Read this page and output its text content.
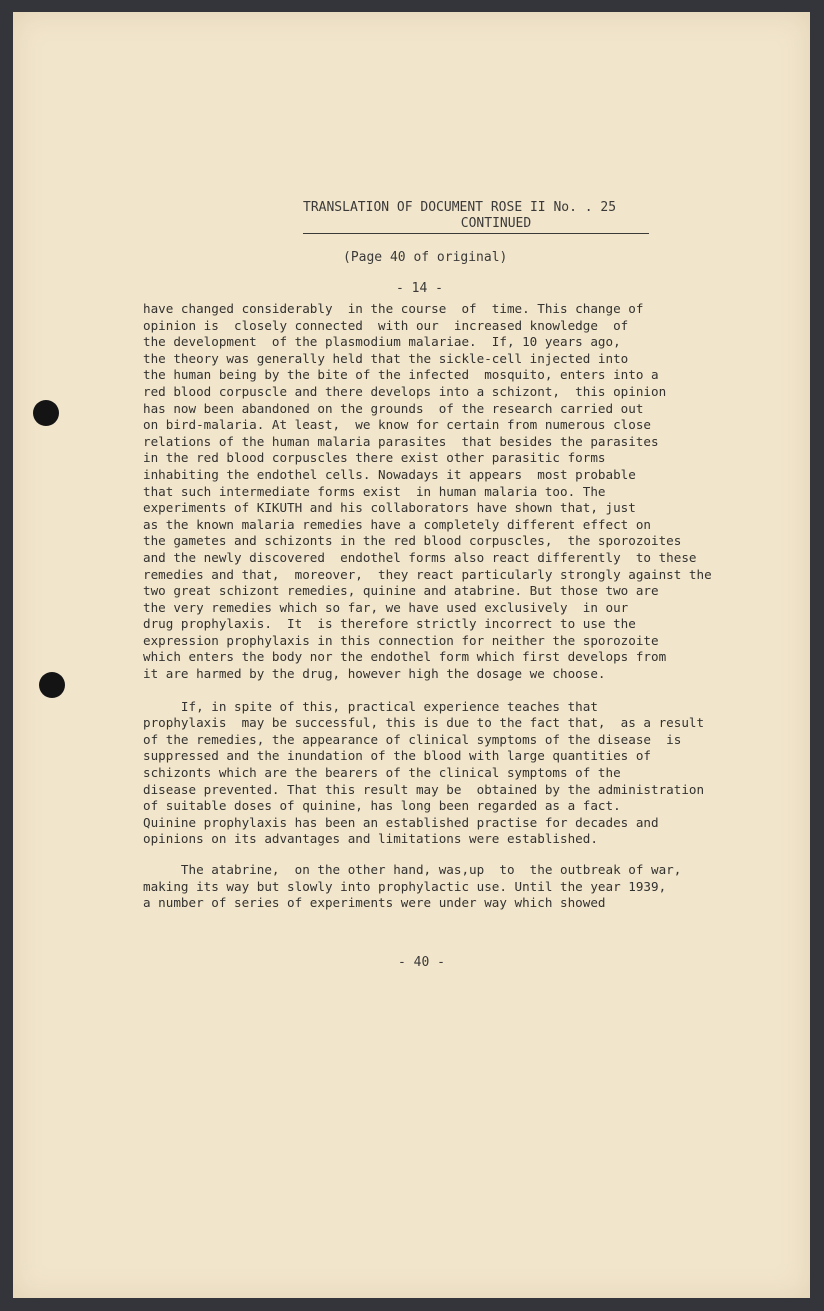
TRANSLATION OF DOCUMENT ROSE II No. . 25
CONTINUED
(Page 40 of original)
- 14 -

have changed considerably  in the course  of  time. This change of
opinion is  closely connected  with our  increased knowledge  of
the development  of the plasmodium malariae.  If, 10 years ago,
the theory was generally held that the sickle-cell injected into
the human being by the bite of the infected  mosquito, enters into a
red blood corpuscle and there develops into a schizont,  this opinion
has now been abandoned on the grounds  of the research carried out
on bird-malaria. At least,  we know for certain from numerous close
relations of the human malaria parasites  that besides the parasites
in the red blood corpuscles there exist other parasitic forms
inhabiting the endothel cells. Nowadays it appears  most probable
that such intermediate forms exist  in human malaria too. The
experiments of KIKUTH and his collaborators have shown that, just
as the known malaria remedies have a completely different effect on
the gametes and schizonts in the red blood corpuscles,  the sporozoites
and the newly discovered  endothel forms also react differently  to these
remedies and that,  moreover,  they react particularly strongly against the
two great schizont remedies, quinine and atabrine. But those two are
the very remedies which so far, we have used exclusively  in our
drug prophylaxis.  It  is therefore strictly incorrect to use the
expression prophylaxis in this connection for neither the sporozoite
which enters the body nor the endothel form which first develops from
it are harmed by the drug, however high the dosage we choose.

If, in spite of this, practical experience teaches that
prophylaxis  may be successful, this is due to the fact that,  as a result
of the remedies, the appearance of clinical symptoms of the disease  is
suppressed and the inundation of the blood with large quantities of
schizonts which are the bearers of the clinical symptoms of the
disease prevented. That this result may be  obtained by the administration
of suitable doses of quinine, has long been regarded as a fact.
Quinine prophylaxis has been an established practise for decades and
opinions on its advantages and limitations were established.

The atabrine,  on the other hand, was,up  to  the outbreak of war,
making its way but slowly into prophylactic use. Until the year 1939,
a number of series of experiments were under way which showed

- 40 -
